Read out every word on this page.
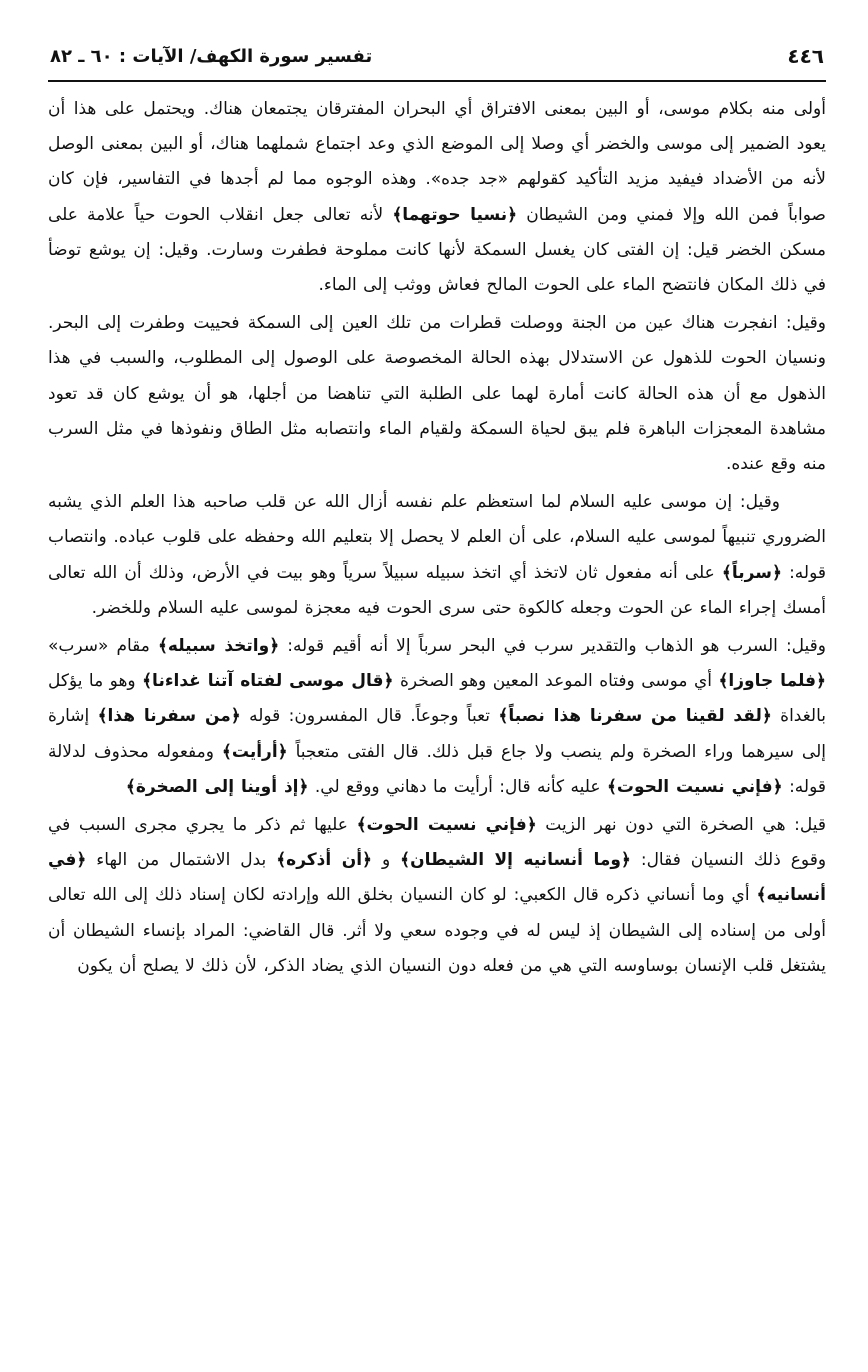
٤٤٦
تفسير سورة الكهف/ الآيات : ٦٠ ـ ٨٢

أولى منه بكلام موسى، أو البين بمعنى الافتراق أي البحران المفترقان يجتمعان هناك. ويحتمل على هذا أن يعود الضمير إلى موسى والخضر أي وصلا إلى الموضع الذي وعد اجتماع شملهما هناك، أو البين بمعنى الوصل لأنه من الأضداد فيفيد مزيد التأكيد كقولهم «جد جده». وهذه الوجوه مما لم أجدها في التفاسير، فإن كان صواباً فمن الله وإلا فمني ومن الشيطان ﴿نسيا حوتهما﴾ لأنه تعالى جعل انقلاب الحوت حياً علامة على مسكن الخضر قيل: إن الفتى كان يغسل السمكة لأنها كانت مملوحة فطفرت وسارت. وقيل: إن يوشع توضأ في ذلك المكان فانتضح الماء على الحوت المالح فعاش ووثب إلى الماء.

وقيل: انفجرت هناك عين من الجنة ووصلت قطرات من تلك العين إلى السمكة فحييت وطفرت إلى البحر. ونسيان الحوت للذهول عن الاستدلال بهذه الحالة المخصوصة على الوصول إلى المطلوب، والسبب في هذا الذهول مع أن هذه الحالة كانت أمارة لهما على الطلبة التي تناهضا من أجلها، هو أن يوشع كان قد تعود مشاهدة المعجزات الباهرة فلم يبق لحياة السمكة ولقيام الماء وانتصابه مثل الطاق ونفوذها في مثل السرب منه وقع عنده.

وقيل: إن موسى عليه السلام لما استعظم علم نفسه أزال الله عن قلب صاحبه هذا العلم الذي يشبه الضروري تنبيهاً لموسى عليه السلام، على أن العلم لا يحصل إلا بتعليم الله وحفظه على قلوب عباده. وانتصاب قوله: ﴿سرباً﴾ على أنه مفعول ثان لاتخذ أي اتخذ سبيله سبيلاً سرياً وهو بيت في الأرض، وذلك أن الله تعالى أمسك إجراء الماء عن الحوت وجعله كالكوة حتى سرى الحوت فيه معجزة لموسى عليه السلام وللخضر.

وقيل: السرب هو الذهاب والتقدير سرب في البحر سرباً إلا أنه أقيم قوله: ﴿واتخذ سبيله﴾ مقام «سرب» ﴿فلما جاوزا﴾ أي موسى وفتاه الموعد المعين وهو الصخرة ﴿قال موسى لفتاه آتنا غداءنا﴾ وهو ما يؤكل بالغداة ﴿لقد لقينا من سفرنا هذا نصباً﴾ تعباً وجوعاً. قال المفسرون: قوله ﴿من سفرنا هذا﴾ إشارة إلى سيرهما وراء الصخرة ولم ينصب ولا جاع قبل ذلك. قال الفتى متعجباً ﴿أرأيت﴾ ومفعوله محذوف لدلالة قوله: ﴿فإني نسيت الحوت﴾ عليه كأنه قال: أرأيت ما دهاني ووقع لي. ﴿إذ أوينا إلى الصخرة﴾

قيل: هي الصخرة التي دون نهر الزيت ﴿فإني نسيت الحوت﴾ عليها ثم ذكر ما يجري مجرى السبب في وقوع ذلك النسيان فقال: ﴿وما أنسانيه إلا الشيطان﴾ و ﴿أن أذكره﴾ بدل الاشتمال من الهاء ﴿في أنسانيه﴾ أي وما أنساني ذكره قال الكعبي: لو كان النسيان بخلق الله وإرادته لكان إسناد ذلك إلى الله تعالى أولى من إسناده إلى الشيطان إذ ليس له في وجوده سعي ولا أثر. قال القاضي: المراد بإنساء الشيطان أن يشتغل قلب الإنسان بوساوسه التي هي من فعله دون النسيان الذي يضاد الذكر، لأن ذلك لا يصلح أن يكون
